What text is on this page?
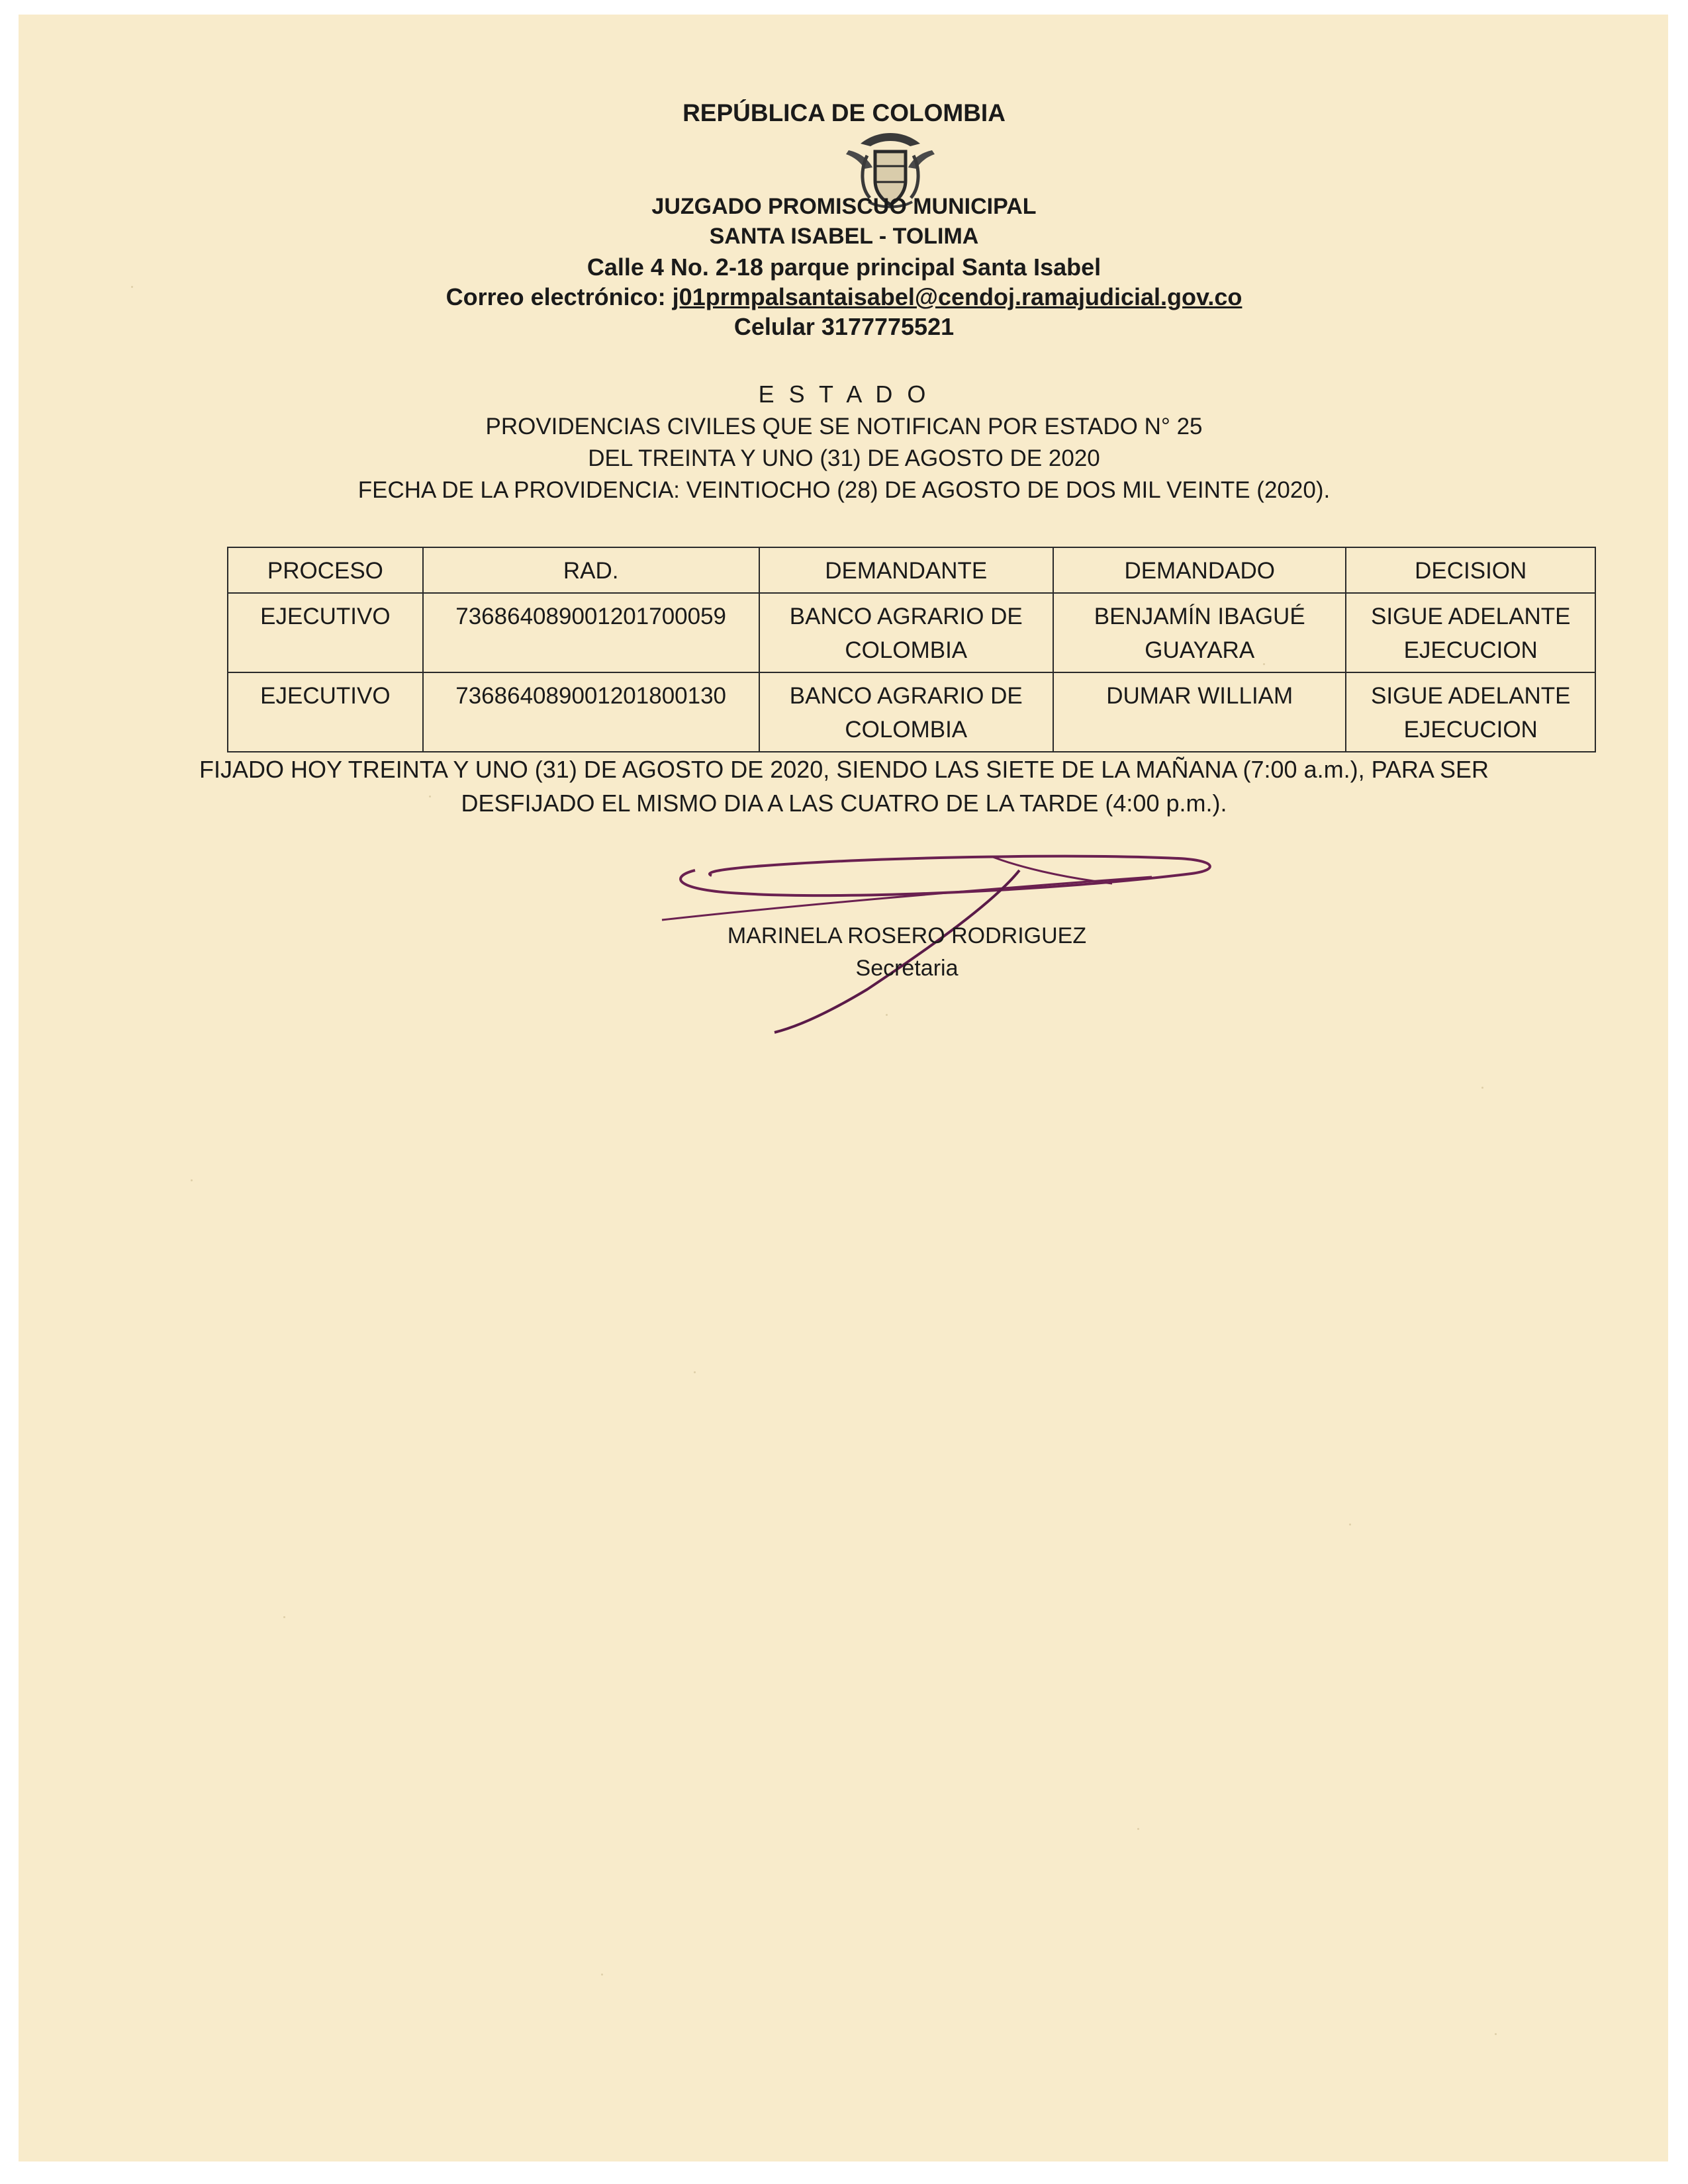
REPÚBLICA DE COLOMBIA
JUZGADO PROMISCUO MUNICIPAL
SANTA ISABEL - TOLIMA
Calle 4 No. 2-18 parque principal Santa Isabel
Correo electrónico: j01prmpalsantaisabel@cendoj.ramajudicial.gov.co
Celular 3177775521
E S T A D O
PROVIDENCIAS CIVILES QUE SE NOTIFICAN POR ESTADO N° 25
DEL TREINTA Y UNO (31) DE AGOSTO DE 2020
FECHA DE LA PROVIDENCIA: VEINTIOCHO (28) DE AGOSTO DE DOS MIL VEINTE (2020).
PROCESO	RAD.	DEMANDANTE	DEMANDADO	DECISION
EJECUTIVO	73686408900120170005​9	BANCO AGRARIO DE COLOMBIA	BENJAMÍN IBAGUÉ GUAYARA	SIGUE ADELANTE EJECUCION
EJECUTIVO	736864089001201800130	BANCO AGRARIO DE COLOMBIA	DUMAR WILLIAM	SIGUE ADELANTE EJECUCION
FIJADO HOY TREINTA Y UNO (31) DE AGOSTO DE 2020, SIENDO LAS SIETE DE LA MAÑANA (7:00 a.m.), PARA SER
DESFIJADO EL MISMO DIA A LAS CUATRO DE LA TARDE (4:00 p.m.).
MARINELA ROSERO RODRIGUEZ
Secretaria
